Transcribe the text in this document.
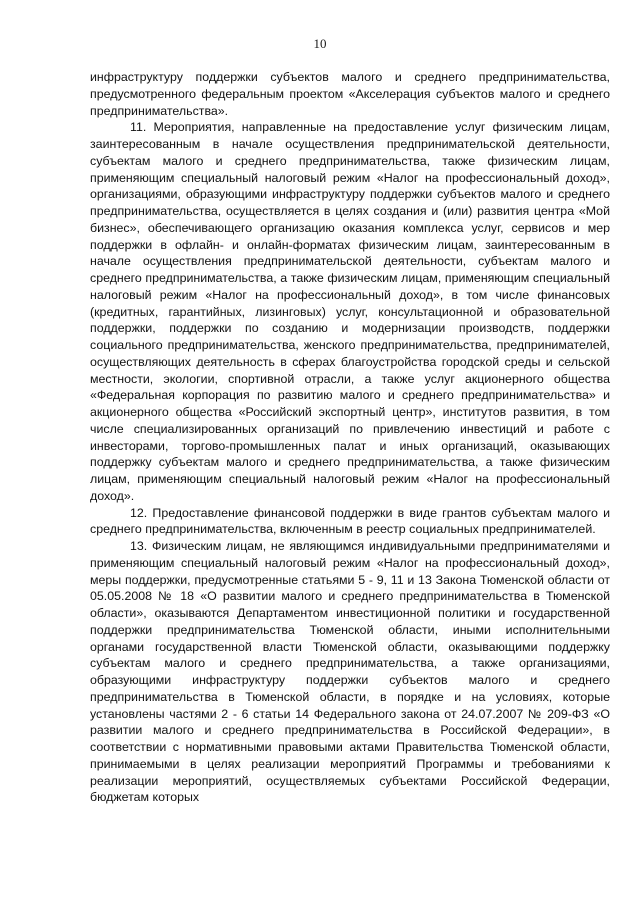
10

инфраструктуру поддержки субъектов малого и среднего предпринимательства, предусмотренного федеральным проектом «Акселерация субъектов малого и среднего предпринимательства».

11. Мероприятия, направленные на предоставление услуг физическим лицам, заинтересованным в начале осуществления предпринимательской деятельности, субъектам малого и среднего предпринимательства, также физическим лицам, применяющим специальный налоговый режим «Налог на профессиональный доход», организациями, образующими инфраструктуру поддержки субъектов малого и среднего предпринимательства, осуществляется в целях создания и (или) развития центра «Мой бизнес», обеспечивающего организацию оказания комплекса услуг, сервисов и мер поддержки в офлайн- и онлайн-форматах физическим лицам, заинтересованным в начале осуществления предпринимательской деятельности, субъектам малого и среднего предпринимательства, а также физическим лицам, применяющим специальный налоговый режим «Налог на профессиональный доход», в том числе финансовых (кредитных, гарантийных, лизинговых) услуг, консультационной и образовательной поддержки, поддержки по созданию и модернизации производств, поддержки социального предпринимательства, женского предпринимательства, предпринимателей, осуществляющих деятельность в сферах благоустройства городской среды и сельской местности, экологии, спортивной отрасли, а также услуг акционерного общества «Федеральная корпорация по развитию малого и среднего предпринимательства» и акционерного общества «Российский экспортный центр», институтов развития, в том числе специализированных организаций по привлечению инвестиций и работе с инвесторами, торгово-промышленных палат и иных организаций, оказывающих поддержку субъектам малого и среднего предпринимательства, а также физическим лицам, применяющим специальный налоговый режим «Налог на профессиональный доход».

12. Предоставление финансовой поддержки в виде грантов субъектам малого и среднего предпринимательства, включенным в реестр социальных предпринимателей.

13. Физическим лицам, не являющимся индивидуальными предпринимателями и применяющим специальный налоговый режим «Налог на профессиональный доход», меры поддержки, предусмотренные статьями 5 - 9, 11 и 13 Закона Тюменской области от 05.05.2008 № 18 «О развитии малого и среднего предпринимательства в Тюменской области», оказываются Департаментом инвестиционной политики и государственной поддержки предпринимательства Тюменской области, иными исполнительными органами государственной власти Тюменской области, оказывающими поддержку субъектам малого и среднего предпринимательства, а также организациями, образующими инфраструктуру поддержки субъектов малого и среднего предпринимательства в Тюменской области, в порядке и на условиях, которые установлены частями 2 - 6 статьи 14 Федерального закона от 24.07.2007 № 209-ФЗ «О развитии малого и среднего предпринимательства в Российской Федерации», в соответствии с нормативными правовыми актами Правительства Тюменской области, принимаемыми в целях реализации мероприятий Программы и требованиями к реализации мероприятий, осуществляемых субъектами Российской Федерации, бюджетам которых
